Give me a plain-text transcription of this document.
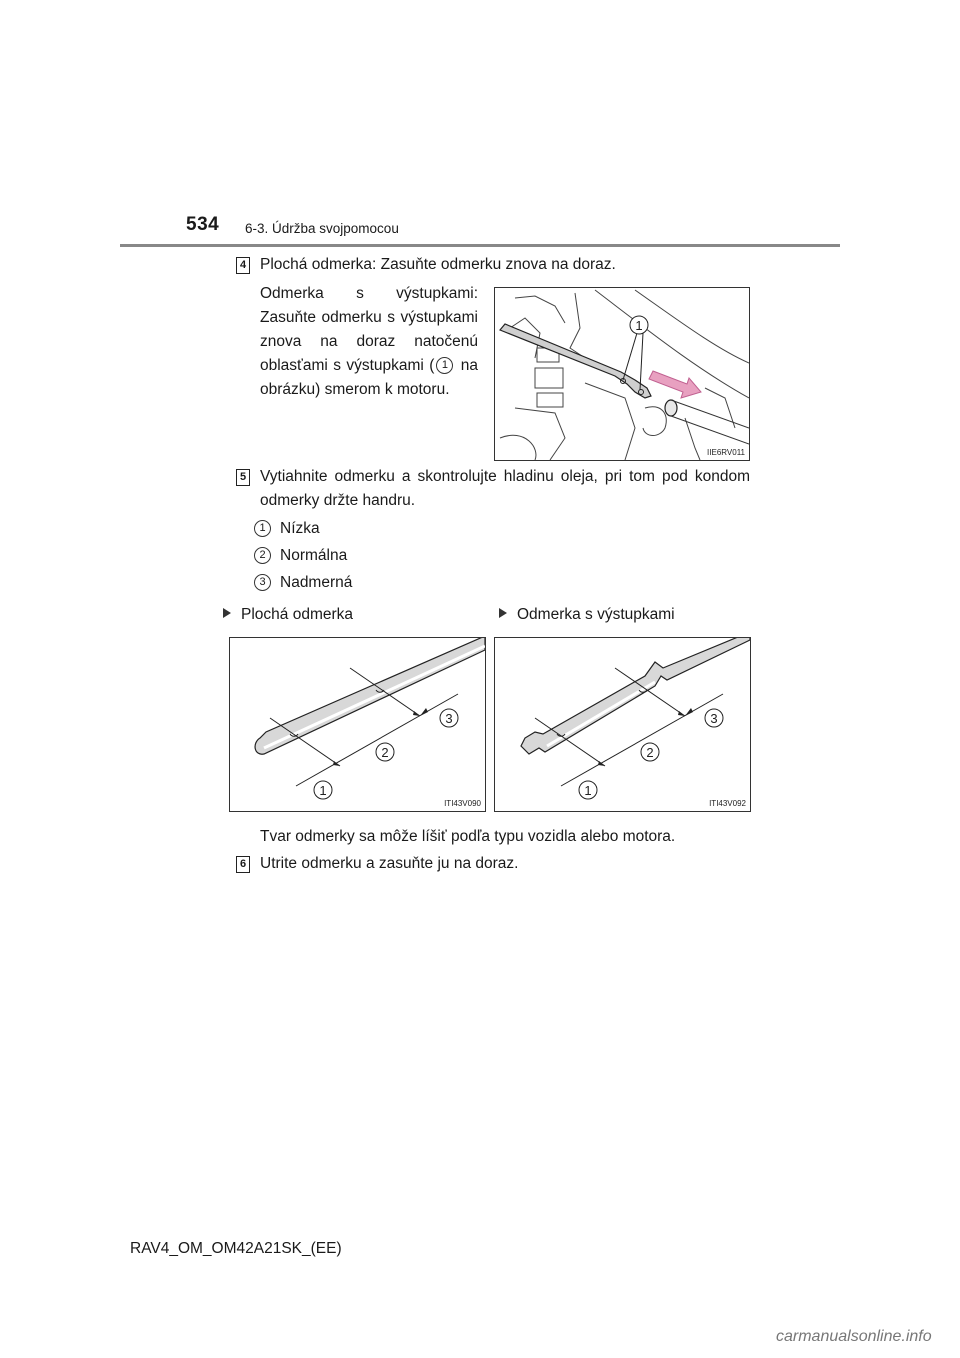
534 6-3. Údržba svojpomocou
4 Plochá odmerka: Zasuňte odmerku znova na doraz.
Odmerka s výstupkami: Zasuňte odmerku s výstupkami znova na doraz natočenú oblasťami s výstupkami ( 1 na obrázku) smerom k motoru.
1
IIE6RV011
5 Vytiahnite odmerku a skontrolujte hladinu oleja, pri tom pod kondom odmerky držte handru.
1 Nízka
2 Normálna
3 Nadmerná
Plochá odmerka	Odmerka s výstupkami
1
2
3
ITI43V090
1
2
3
ITI43V092
Tvar odmerky sa môže líšiť podľa typu vozidla alebo motora.
6 Utrite odmerku a zasuňte ju na doraz.
RAV4_OM_OM42A21SK_(EE)
carmanualsonline.info
